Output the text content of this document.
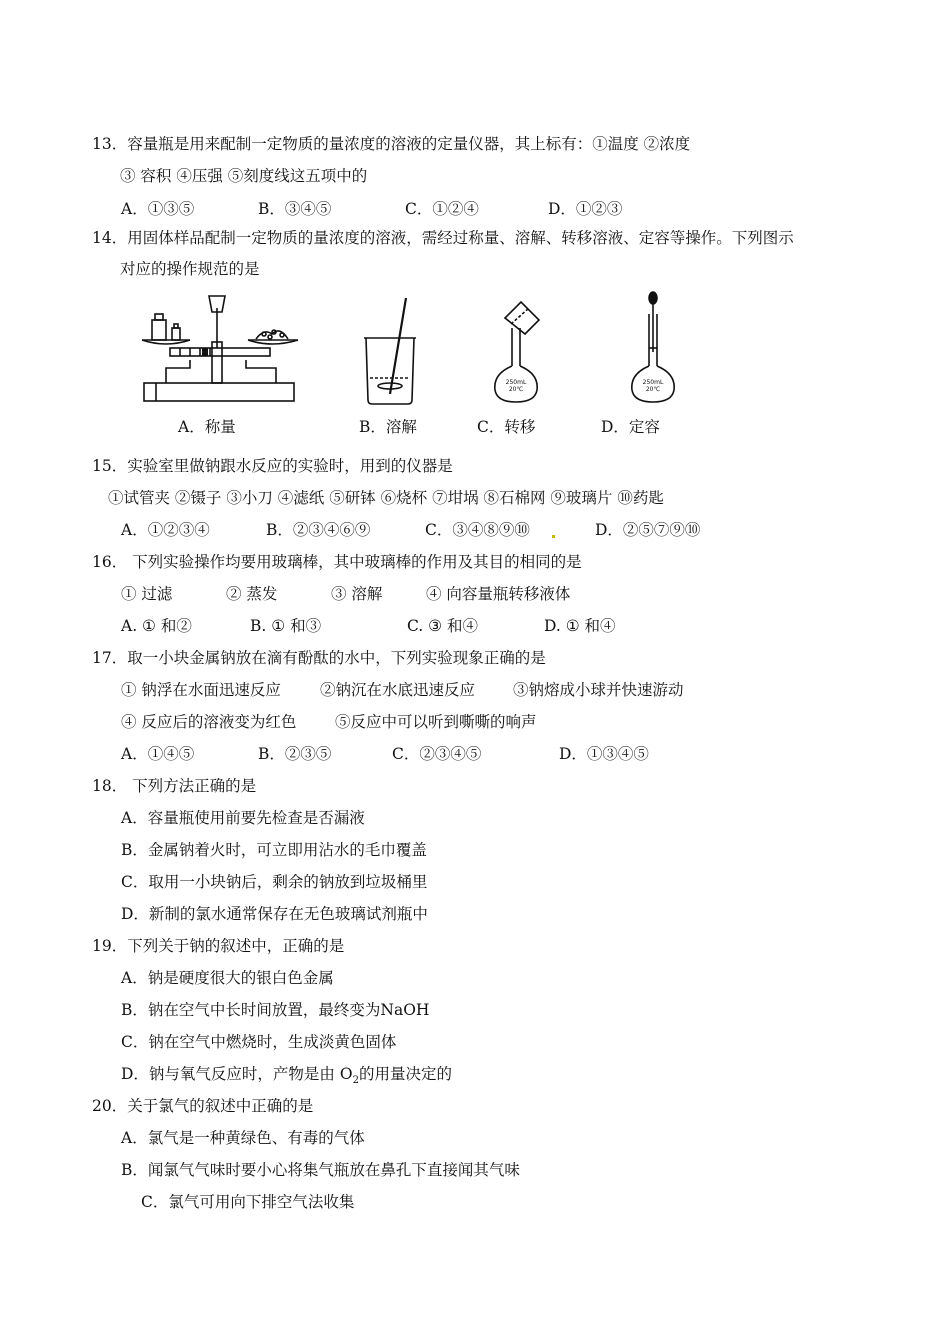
13．容量瓶是用来配制一定物质的量浓度的溶液的定量仪器，其上标有：①温度 ②浓度
③ 容积 ④压强 ⑤刻度线这五项中的
A．①③⑤	B．③④⑤	C．①②④	D．①②③
14．用固体样品配制一定物质的量浓度的溶液，需经过称量、溶解、转移溶液、定容等操作。下列图示
对应的操作规范的是
250mL
20℃
250mL
20℃
A．称量	B．溶解	C．转移	D．定容
15．实验室里做钠跟水反应的实验时，用到的仪器是
①试管夹 ②镊子 ③小刀 ④滤纸 ⑤研钵 ⑥烧杯 ⑦坩埚 ⑧石棉网 ⑨玻璃片 ⑩药匙
A．①②③④	B．②③④⑥⑨	C．③④⑧⑨⑩	D．②⑤⑦⑨⑩
16． 下列实验操作均要用玻璃棒，其中玻璃棒的作用及其目的相同的是
① 过滤	② 蒸发	③ 溶解	④ 向容量瓶转移液体
A. ① 和②	B. ① 和③	C. ③ 和④	D. ① 和④
17．取一小块金属钠放在滴有酚酞的水中，下列实验现象正确的是
① 钠浮在水面迅速反应	②钠沉在水底迅速反应 ③钠熔成小球并快速游动
④ 反应后的溶液变为红色 ⑤反应中可以听到嘶嘶的响声
A．①④⑤	B．②③⑤	C．②③④⑤	D．①③④⑤
18． 下列方法正确的是
A．容量瓶使用前要先检查是否漏液
B．金属钠着火时，可立即用沾水的毛巾覆盖
C．取用一小块钠后，剩余的钠放到垃圾桶里
D．新制的氯水通常保存在无色玻璃试剂瓶中
19．下列关于钠的叙述中，正确的是
A．钠是硬度很大的银白色金属
B．钠在空气中长时间放置，最终变为NaOH
C．钠在空气中燃烧时，生成淡黄色固体
D．钠与氧气反应时，产物是由 $O_2$的用量决定的
20．关于氯气的叙述中正确的是
A．氯气是一种黄绿色、有毒的气体
B．闻氯气气味时要小心将集气瓶放在鼻孔下直接闻其气味
C．氯气可用向下排空气法收集
